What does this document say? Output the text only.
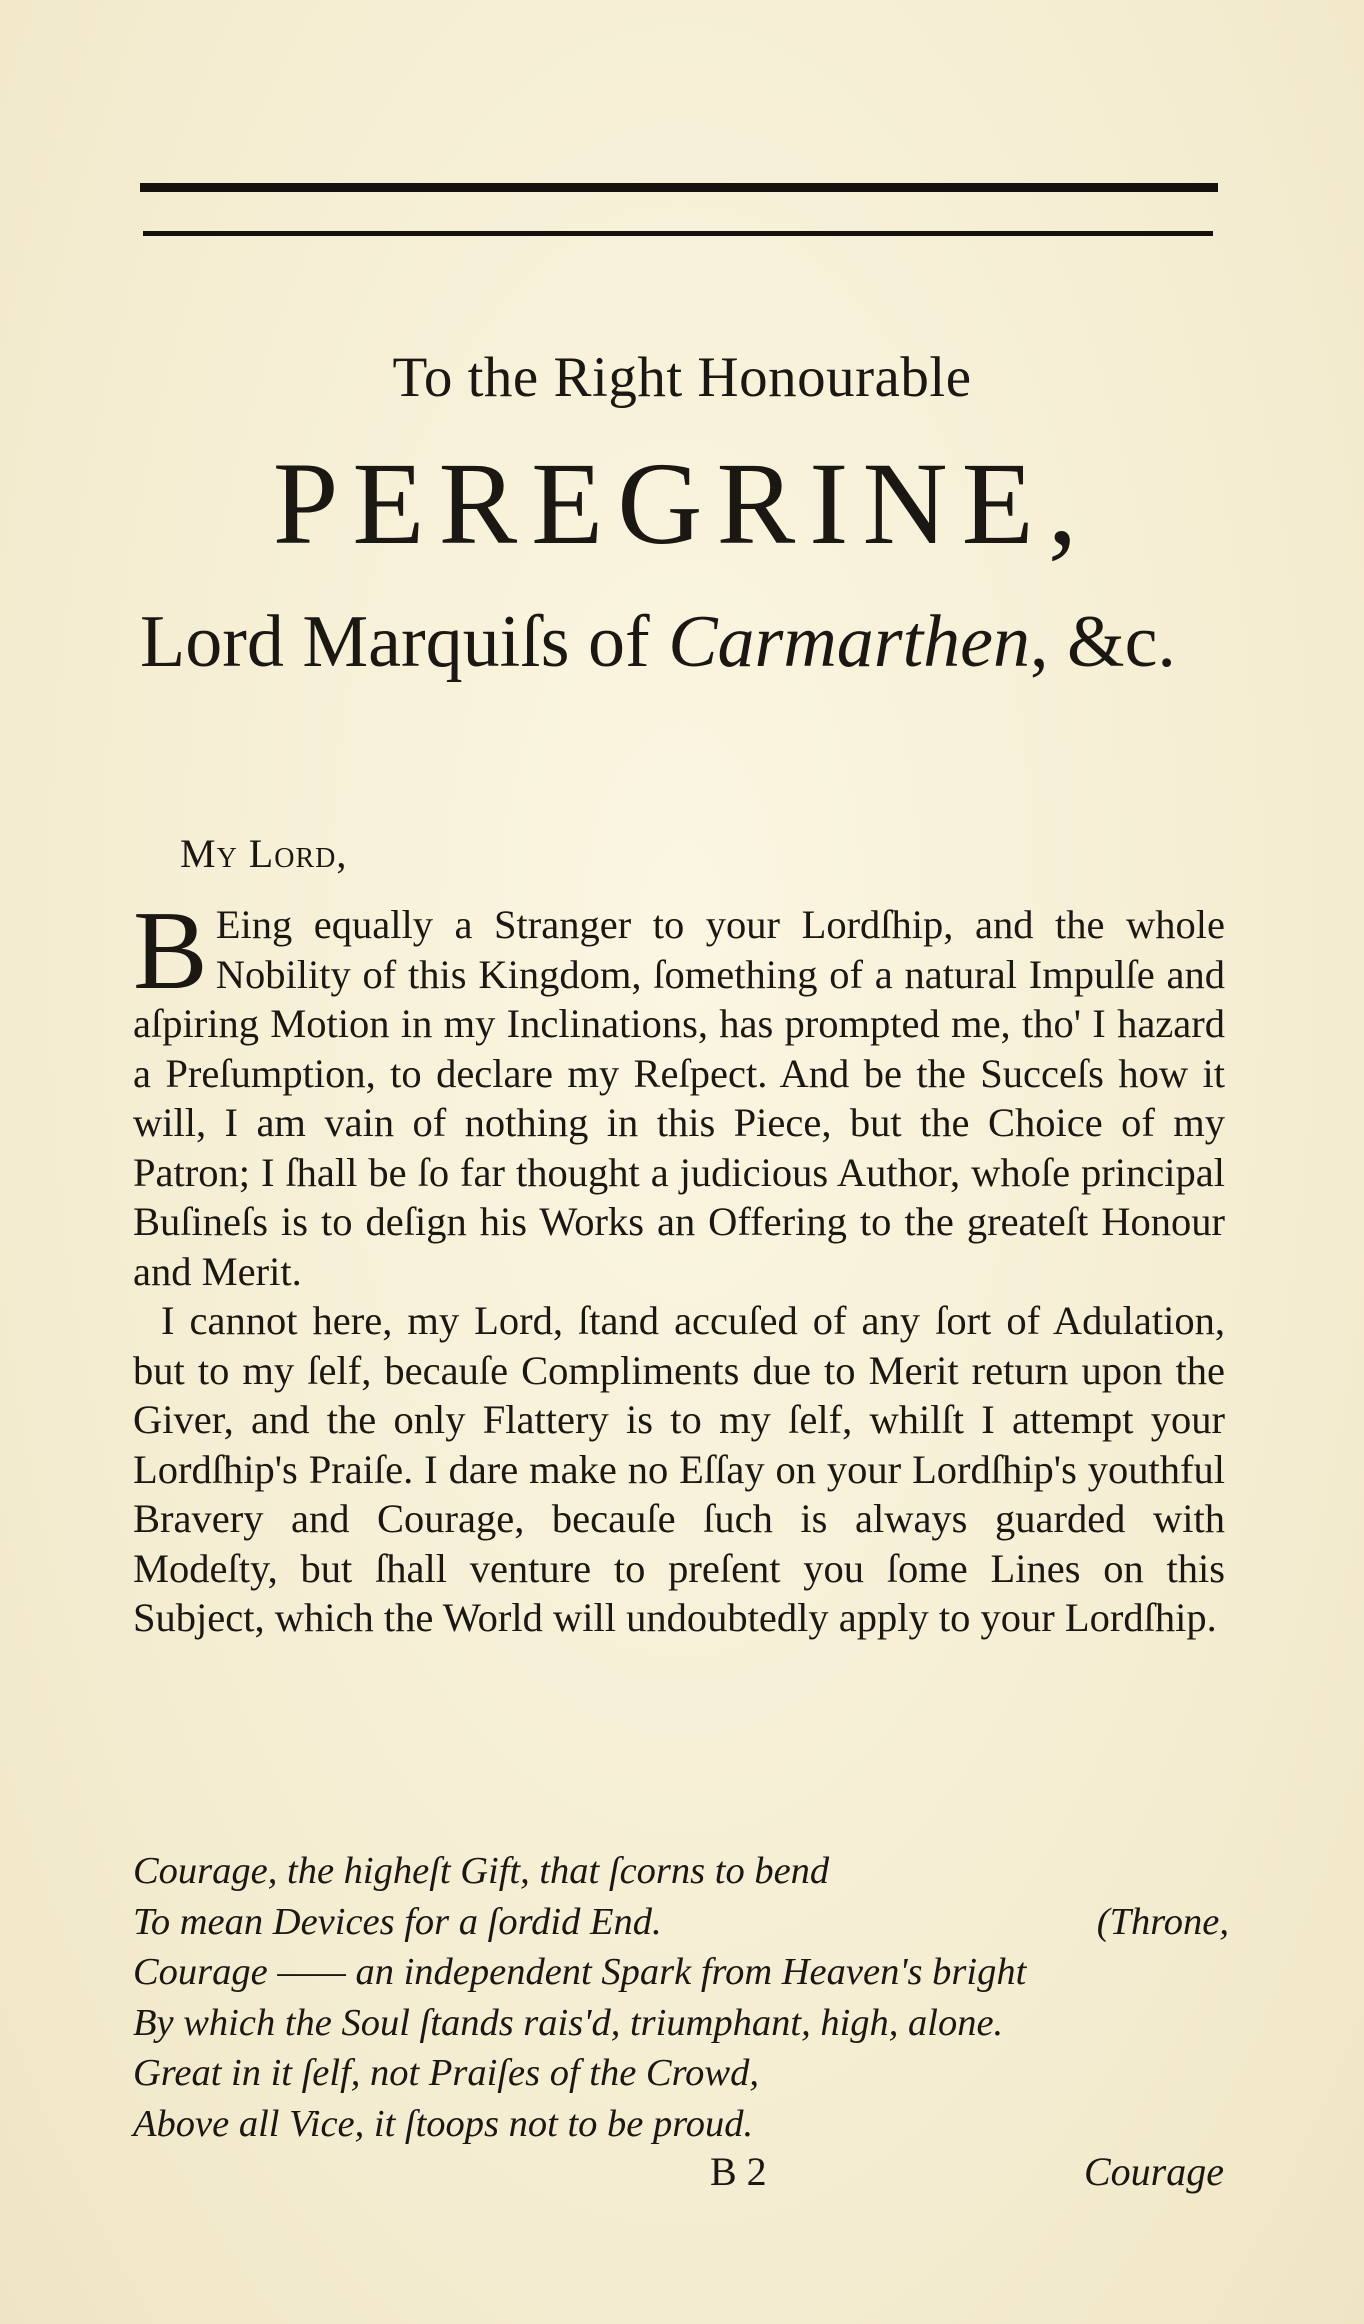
To the Right Honourable
PEREGRINE,
Lord Marquiſs of Carmarthen, &c.
My Lord,

B Eing equally a Stranger to your Lordſhip, and the whole Nobility of this Kingdom, ſomething of a natural Impulſe and aſpiring Motion in my Inclinations, has prompted me, tho' I hazard a Preſumption, to declare my Reſpect. And be the Succeſs how it will, I am vain of nothing in this Piece, but the Choice of my Patron; I ſhall be ſo far thought a judicious Author, whoſe principal Buſineſs is to deſign his Works an Offering to the greateſt Honour and Merit.

I cannot here, my Lord, ſtand accuſed of any ſort of Adulation, but to my ſelf, becauſe Compliments due to Merit return upon the Giver, and the only Flattery is to my ſelf, whilſt I attempt your Lordſhip's Praiſe. I dare make no Eſſay on your Lordſhip's youthful Bravery and Courage, becauſe ſuch is always guarded with Modeſty, but ſhall venture to preſent you ſome Lines on this Subject, which the World will undoubtedly apply to your Lordſhip.

Courage, the higheſt Gift, that ſcorns to bend
To mean Devices for a ſordid End.	(Throne,
Courage —— an independent Spark from Heaven's bright
By which the Soul ſtands rais'd, triumphant, high, alone.
Great in it ſelf, not Praiſes of the Crowd,
Above all Vice, it ſtoops not to be proud.
B 2	Courage
